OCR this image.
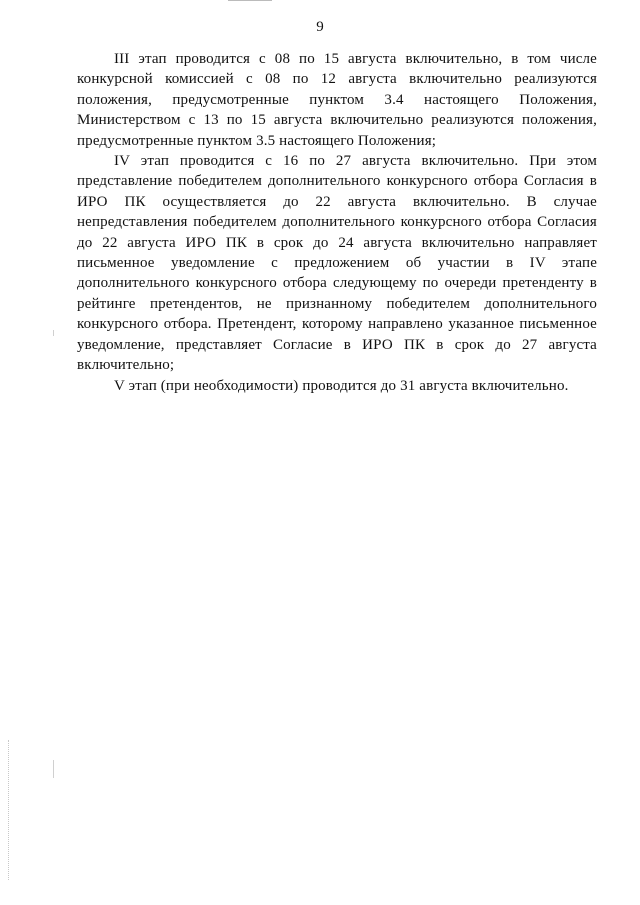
9

III этап проводится с 08 по 15 августа включительно, в том числе конкурсной комиссией с 08 по 12 августа включительно реализуются положения, предусмотренные пунктом 3.4 настоящего Положения, Министерством с 13 по 15 августа включительно реализуются положения, предусмотренные пунктом 3.5 настоящего Положения;

IV этап проводится с 16 по 27 августа включительно. При этом представление победителем дополнительного конкурсного отбора Согласия в ИРО ПК осуществляется до 22 августа включительно. В случае непредставления победителем дополнительного конкурсного отбора Согласия до 22 августа ИРО ПК в срок до 24 августа включительно направляет письменное уведомление с предложением об участии в IV этапе дополнительного конкурсного отбора следующему по очереди претенденту в рейтинге претендентов, не признанному победителем дополнительного конкурсного отбора. Претендент, которому направлено указанное письменное уведомление, представляет Согласие в ИРО ПК в срок до 27 августа включительно;

V этап (при необходимости) проводится до 31 августа включительно.
